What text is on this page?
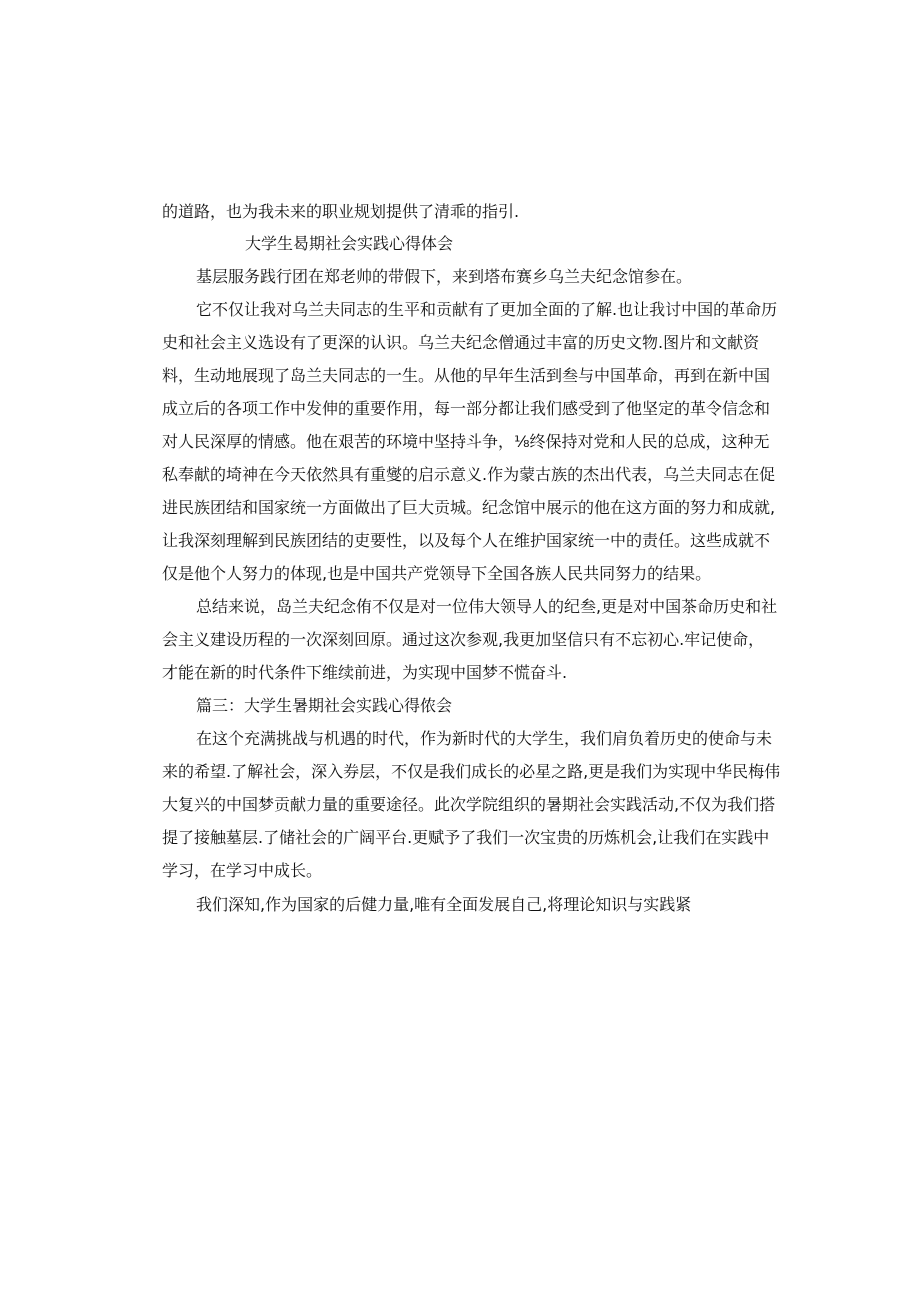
的道路，也为我未来的职业规划提供了清乖的指引.
大学生曷期社会实践心得体会
基层服务践行团在郑老帅的带假下，来到塔布赛乡乌兰夫纪念馆参在。
它不仅让我对乌兰夫同志的生平和贡献有了更加全面的了解.也让我讨中国的革命历
史和社会主义选设有了更深的认识。乌兰夫纪念僧通过丰富的历史文物.图片和文献资
料，生动地展现了岛兰夫同志的一生。从他的早年生活到叁与中国革命，再到在新中国
成立后的各项工作中发伸的重要作用，每一部分都让我们感受到了他坚定的革令信念和
对人民深厚的情感。他在艰苦的环境中坚持斗争，⅛终保持对党和人民的总成，这种无
私奉献的埼神在今天依然具有重燮的启示意义.作为蒙古族的杰出代表，乌兰夫同志在促
进民族团结和国家统一方面做出了巨大贡城。纪念馆中展示的他在这方面的努力和成就,
让我深刻理解到民族团结的吏要性，以及每个人在维护国家统一中的责任。这些成就不
仅是他个人努力的体现,也是中国共产党领导下全国各族人民共同努力的结果。
总结来说，岛兰夫纪念侑不仅是对一位伟大领导人的纪叁,更是对中国茶命历史和社
会主义建设历程的一次深刻回原。通过这次参观,我更加坚信只有不忘初心.牢记使命，
才能在新的时代条件下维续前进，为实现中国梦不慌奋斗.
篇三：大学生暑期社会实践心得侬会
在这个充满挑战与机遇的时代，作为新时代的大学生，我们肩负着历史的使命与未
来的希望.了解社会，深入券层，不仅是我们成长的必星之路,更是我们为实现中华民梅伟
大复兴的中国梦贡献力量的重要途径。此次学院组织的暑期社会实践活动,不仅为我们搭
提了接触墓层.了储社会的广阔平台.更赋予了我们一次宝贵的历炼机会,让我们在实践中
学习，在学习中成长。
我们深知,作为国家的后健力量,唯有全面发展自己,将理论知识与实践紧
